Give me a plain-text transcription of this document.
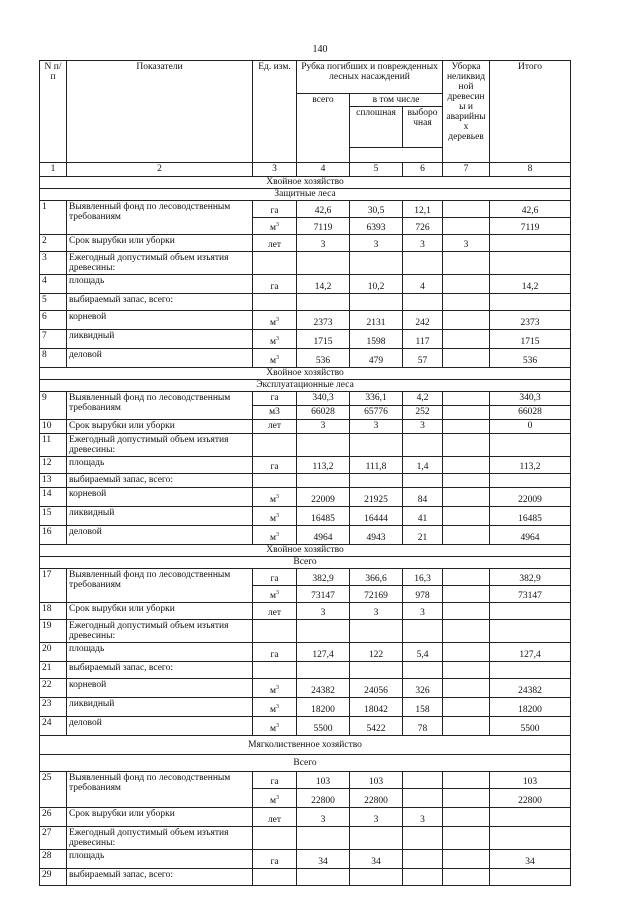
140
N п/п	Показатели	Ед. изм.	Рубка погибших и поврежденных лесных насаждений			Уборка неликвид ной древесин ы и аварийны х деревьев	Итого
			всего	в том числе			
				сплошная	выборо чная		

1	2	3	4	5	6	7	8
Хвойное хозяйство							
Защитные леса							
1	Выявленный фонд по лесоводственным требованиям	га	42,6	30,5	12,1		42,6
		$м^3$	7119	6393	726		7119
2	Срок вырубки или уборки	лет	3	3	3	3	
3	Ежегодный допустимый объем изъятия древесины:						
4	площадь	га	14,2	10,2	4		14,2
5	выбираемый запас, всего:						
6	корневой	$м^3$	2373	2131	242		2373
7	ликвидный	$м^3$	1715	1598	117		1715
8	деловой	$м^3$	536	479	57		536
Хвойное хозяйство							
Эксплуатационные леса							
9	Выявленный фонд по лесоводственным требованиям	га	340,3	336,1	4,2		340,3
		м3	66028	65776	252		66028
10	Срок вырубки или уборки	лет	3	3	3		0
11	Ежегодный допустимый объем изъятия древесины:						
12	площадь	га	113,2	111,8	1,4		113,2
13	выбираемый запас, всего:						
14	корневой	$м^3$	22009	21925	84		22009
15	ликвидный	$м^3$	16485	16444	41		16485
16	деловой	$м^3$	4964	4943	21		4964
Хвойное хозяйство							
Всего							
17	Выявленный фонд по лесоводственным требованиям	га	382,9	366,6	16,3		382,9
		$м^3$	73147	72169	978		73147
18	Срок вырубки или уборки	лет	3	3	3		
19	Ежегодный допустимый объем изъятия древесины:						
20	площадь	га	127,4	122	5,4		127,4
21	выбираемый запас, всего:						
22	корневой	$м^3$	24382	24056	326		24382
23	ликвидный	$м^3$	18200	18042	158		18200
24	деловой	$м^3$	5500	5422	78		5500
Мягколиственное хозяйство							
Всего							
25	Выявленный фонд по лесоводственным требованиям	га	103	103			103
		$м^3$	22800	22800			22800
26	Срок вырубки или уборки	лет	3	3	3		
27	Ежегодный допустимый объем изъятия древесины:						
28	площадь	га	34	34			34
29	выбираемый запас, всего:						
